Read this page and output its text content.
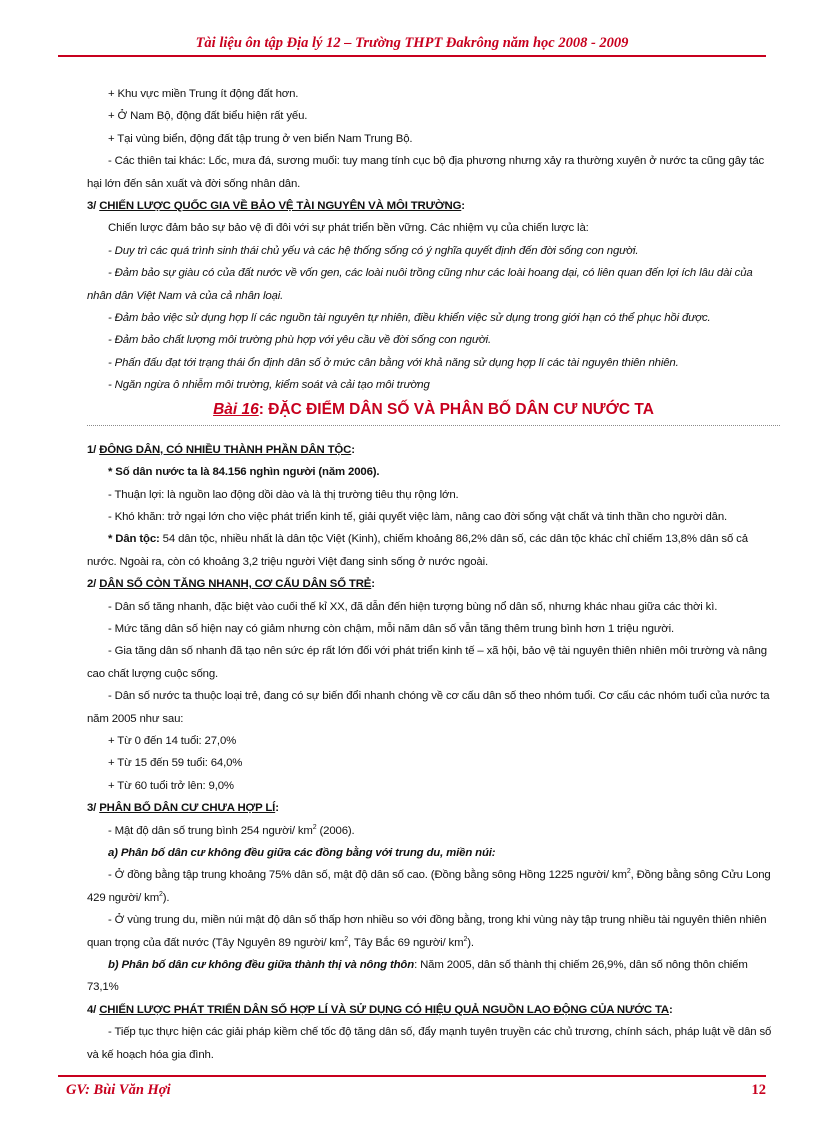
Tài liệu ôn tập Địa lý 12 – Trường THPT Đakrông năm học 2008 - 2009

+ Khu vực miền Trung ít động đất hơn.

+ Ở Nam Bộ, động đất biểu hiện rất yếu.

+ Tại vùng biển, động đất tập trung ở ven biển Nam Trung Bộ.

- Các thiên tai khác: Lốc, mưa đá, sương muối: tuy mang tính cục bộ địa phương nhưng xảy ra thường xuyên ở nước ta cũng gây tác hại lớn đến sản xuất và đời sống nhân dân.

3/ CHIẾN LƯỢC QUỐC GIA VỀ BẢO VỆ TÀI NGUYÊN VÀ MÔI TRƯỜNG:

Chiến lược đảm bảo sự bảo vệ đi đôi với sự phát triển bền vững. Các nhiệm vụ của chiến lược là:

- Duy trì các quá trình sinh thái chủ yếu và các hệ thống sống có ý nghĩa quyết định đến đời sống con người.

- Đảm bảo sự giàu có của đất nước về vốn gen, các loài nuôi trồng cũng như các loài hoang dại, có liên quan đến lợi ích lâu dài của nhân dân Việt Nam và của cả nhân loại.

- Đảm bảo việc sử dụng hợp lí các nguồn tài nguyên tự nhiên, điều khiển việc sử dụng trong giới hạn có thể phục hồi được.

- Đảm bảo chất lượng môi trường phù hợp với yêu cầu về đời sống con người.

- Phấn đấu đạt tới trạng thái ổn định dân số ở mức cân bằng với khả năng sử dụng hợp lí các tài nguyên thiên nhiên.

- Ngăn ngừa ô nhiễm môi trường, kiểm soát và cải tạo môi trường

Bài 16: ĐẶC ĐIỂM DÂN SỐ VÀ PHÂN BỐ DÂN CƯ NƯỚC TA

1/ ĐÔNG DÂN, CÓ NHIỀU THÀNH PHẦN DÂN TỘC:

* Số dân nước ta là 84.156 nghìn người (năm 2006).

- Thuận lợi: là nguồn lao động dồi dào và là thị trường tiêu thụ rộng lớn.

- Khó khăn: trở ngại lớn cho việc phát triển kinh tế, giải quyết việc làm, nâng cao đời sống vật chất và tinh thần cho người dân.

* Dân tộc: 54 dân tộc, nhiều nhất là dân tộc Việt (Kinh), chiếm khoảng 86,2% dân số, các dân tộc khác chỉ chiếm 13,8% dân số cả nước. Ngoài ra, còn có khoảng 3,2 triệu người Việt đang sinh sống ở nước ngoài.

2/ DÂN SỐ CÒN TĂNG NHANH, CƠ CẤU DÂN SỐ TRẺ:

- Dân số tăng nhanh, đặc biệt vào cuối thế kỉ XX, đã dẫn đến hiện tượng bùng nổ dân số, nhưng khác nhau giữa các thời kì.

- Mức tăng dân số hiện nay có giảm nhưng còn chậm, mỗi năm dân số vẫn tăng thêm trung bình hơn 1 triệu người.

- Gia tăng dân số nhanh đã tạo nên sức ép rất lớn đối với phát triển kinh tế – xã hội, bảo vệ tài nguyên thiên nhiên môi trường và nâng cao chất lượng cuộc sống.

- Dân số nước ta thuộc loại trẻ, đang có sự biến đổi nhanh chóng về cơ cấu dân số theo nhóm tuổi. Cơ cấu các nhóm tuổi của nước ta năm 2005 như sau:

+ Từ 0 đến 14 tuổi: 27,0%

+ Từ 15 đến 59 tuổi: 64,0%

+ Từ 60 tuổi trở lên: 9,0%

3/ PHÂN BỐ DÂN CƯ CHƯA HỢP LÍ:

- Mật độ dân số trung bình 254 người/ $km^2$ (2006).

a) Phân bố dân cư không đều giữa các đồng bằng với trung du, miền núi:

- Ở đồng bằng tập trung khoảng 75% dân số, mật độ dân số cao. (Đồng bằng sông Hồng 1225 người/ $km^2$, Đồng bằng sông Cửu Long 429 người/ $km^2$).

- Ở vùng trung du, miền núi mật độ dân số thấp hơn nhiều so với đồng bằng, trong khi vùng này tập trung nhiều tài nguyên thiên nhiên quan trọng của đất nước (Tây Nguyên 89 người/ $km^2$, Tây Bắc 69 người/ $km^2$).

b) Phân bố dân cư không đều giữa thành thị và nông thôn: Năm 2005, dân số thành thị chiếm 26,9%, dân số nông thôn chiếm 73,1%

4/ CHIẾN LƯỢC PHÁT TRIỂN DÂN SỐ HỢP LÍ VÀ SỬ DỤNG CÓ HIỆU QUẢ NGUỒN LAO ĐỘNG CỦA NƯỚC TA:

- Tiếp tục thực hiện các giải pháp kiềm chế tốc độ tăng dân số, đẩy mạnh tuyên truyền các chủ trương, chính sách, pháp luật về dân số và kế hoạch hóa gia đình.

GV: Bùi Văn Hợi	12
